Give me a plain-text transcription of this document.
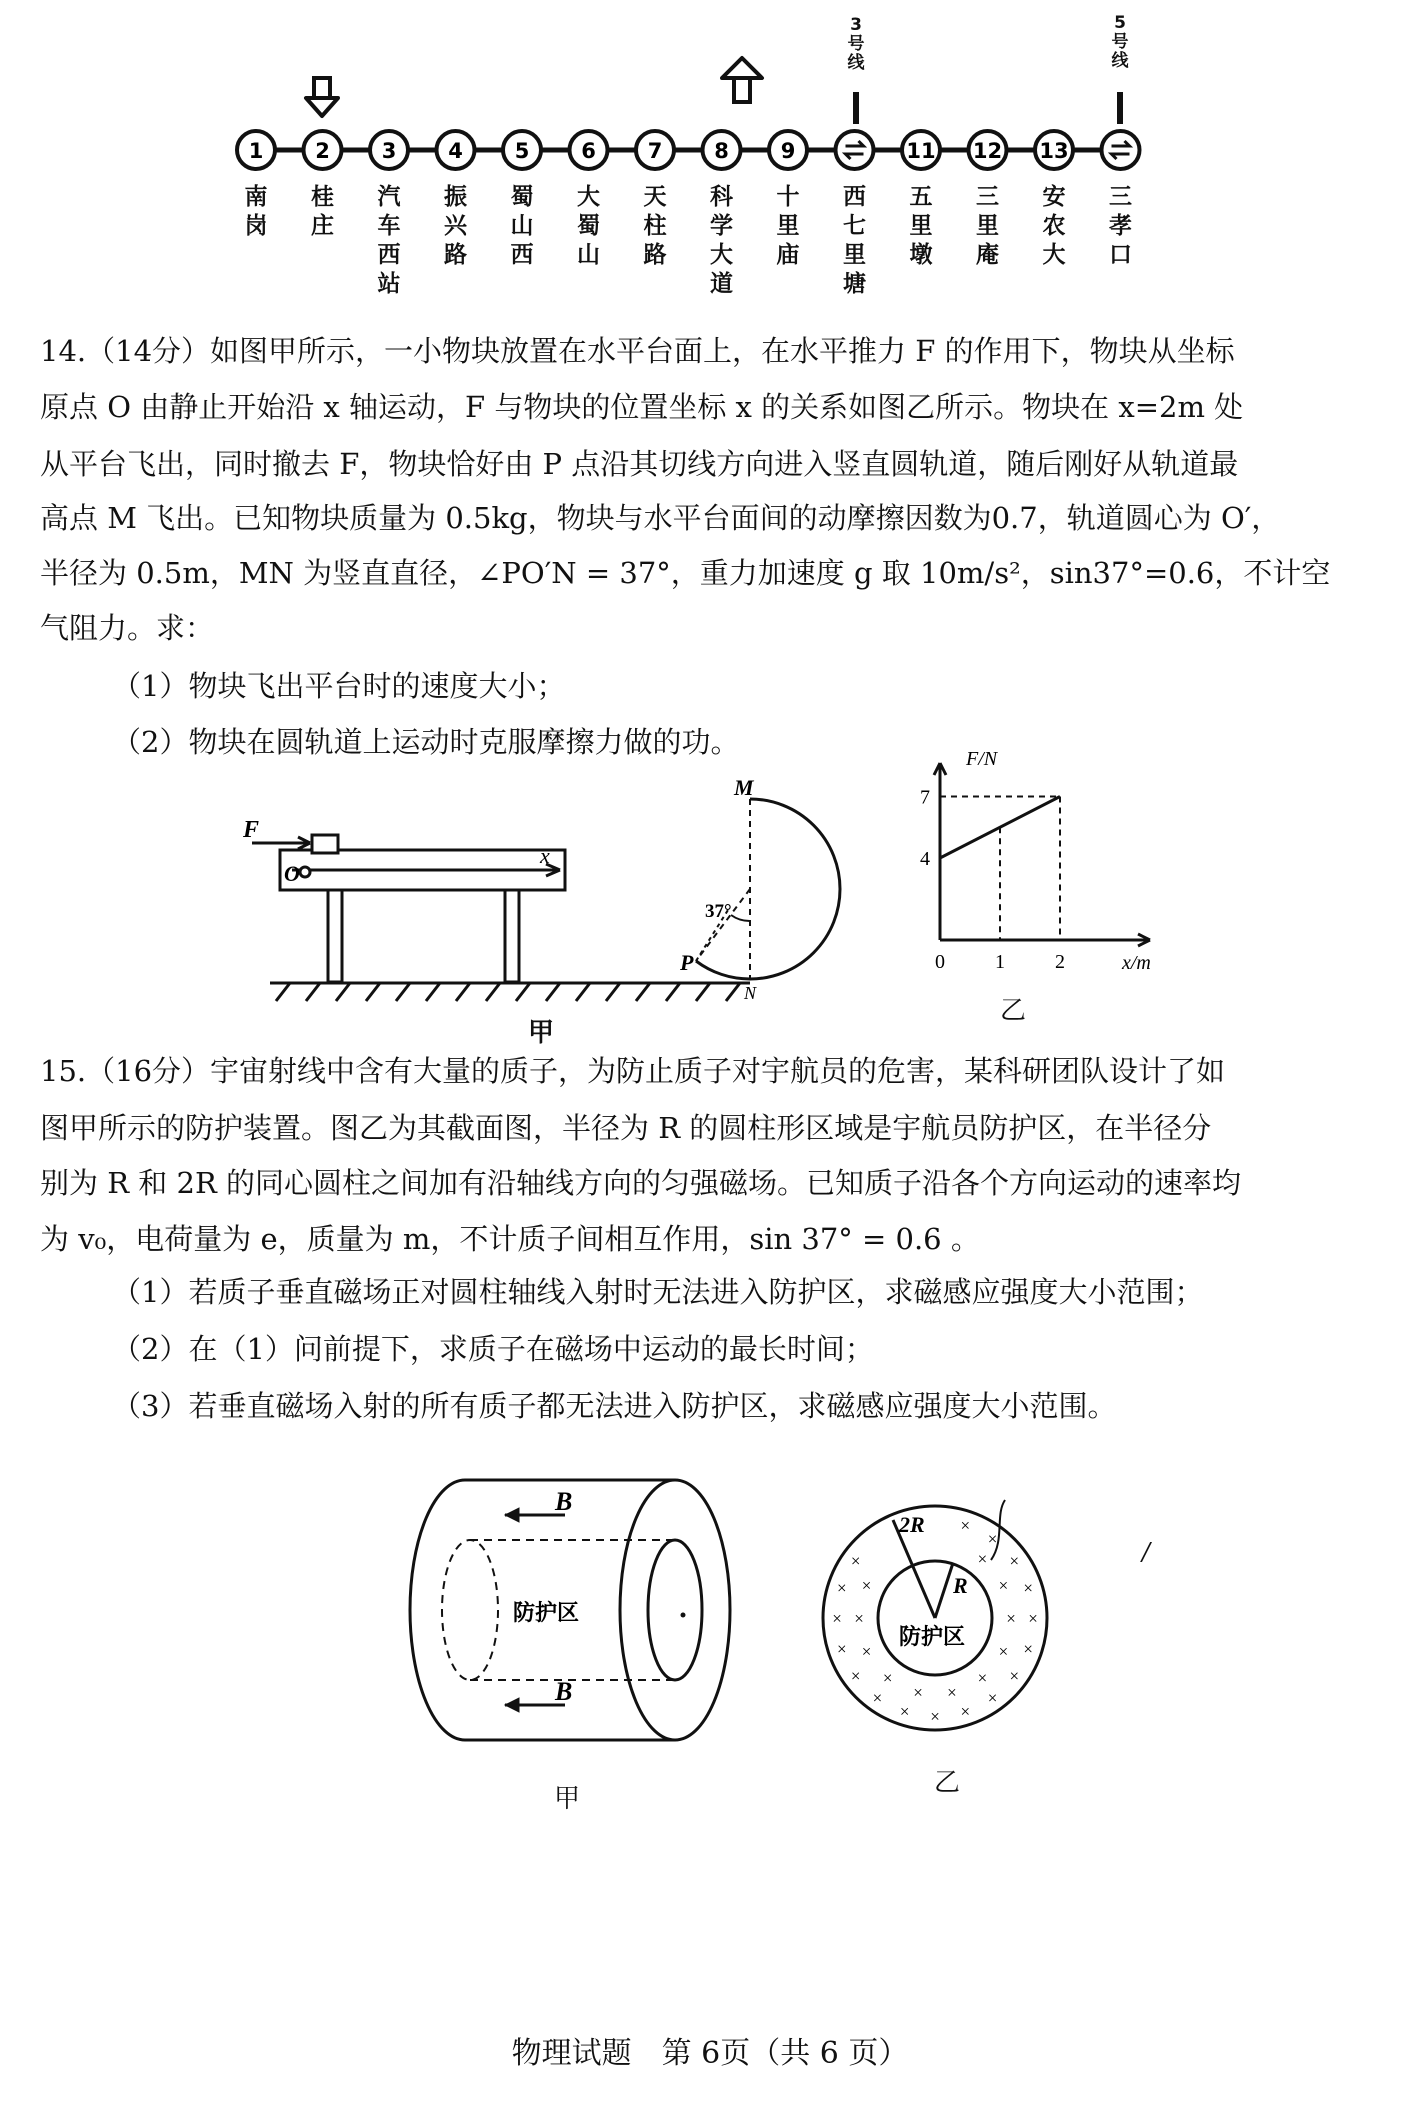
1 2 3 4 5 6 7 8 9	11 12 13
3号线
5号线
南岗
桂庄
汽车西站
振兴路
蜀山西
大蜀山
天柱路
科学大道
十里庙
西七里塘
五里墩
三里庵
安农大
三孝口
14.（14分）如图甲所示，一小物块放置在水平台面上，在水平推力 F 的作用下，物块从坐标
原点 O 由静止开始沿 x 轴运动，F 与物块的位置坐标 x 的关系如图乙所示。物块在 x=2m 处
从平台飞出，同时撤去 F，物块恰好由 P 点沿其切线方向进入竖直圆轨道，随后刚好从轨道最
高点 M 飞出。已知物块质量为 0.5kg，物块与水平台面间的动摩擦因数为0.7，轨道圆心为 O′，
半径为 0.5m，MN 为竖直直径，∠PO′N = 37°，重力加速度 g 取 10m/s²，sin37°=0.6，不计空
气阻力。求：
（1）物块飞出平台时的速度大小；
（2）物块在圆轨道上运动时克服摩擦力做的功。
F
O
x
M
N
P
37°
甲
0	1	2
4
7
F/N
x/m
乙
15.（16分）宇宙射线中含有大量的质子，为防止质子对宇航员的危害，某科研团队设计了如
图甲所示的防护装置。图乙为其截面图，半径为 R 的圆柱形区域是宇航员防护区，在半径分
别为 R 和 2R 的同心圆柱之间加有沿轴线方向的匀强磁场。已知质子沿各个方向运动的速率均
为 v₀，电荷量为 e，质量为 m，不计质子间相互作用，sin 37° = 0.6 。
（1）若质子垂直磁场正对圆柱轴线入射时无法进入防护区，求磁感应强度大小范围；
（2）在（1）问前提下，求质子在磁场中运动的最长时间；
（3）若垂直磁场入射的所有质子都无法进入防护区，求磁感应强度大小范围。
B
B
防护区
甲
×
×
×
×
×
×
×
×
×
×
×
×
×
×
×
×
×
×
×
×
×
×
×
×
×
×
×
×
2R
R
防护区
乙
/
物理试题　第 6页（共 6 页）
